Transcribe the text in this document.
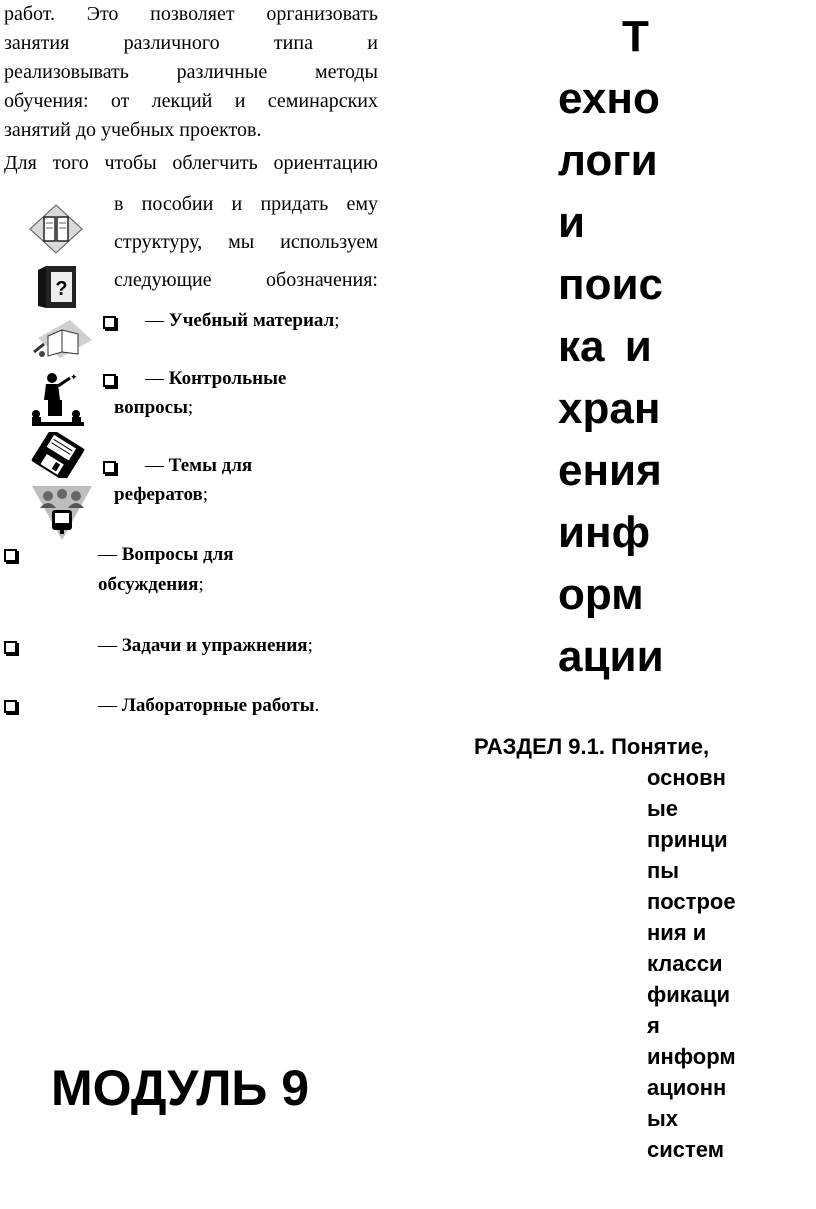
работ. Это позволяет организовать
занятия различного типа и
реализовывать различные методы
обучения: от лекций и семинарских
занятий до учебных проектов.
Для того чтобы облегчить ориентацию
в пособии и придать ему
структуру, мы используем
следующие обозначения:
?
✦
— Учебный материал;
— Контрольные
вопросы;
— Темы для
рефератов;
— Вопросы для
обсуждения;
— Задачи и упражнения;
— Лабораторные работы.
Т
ехно
логи
и
поис
ка и
хран
ения
инф
орм
ации
РАЗДЕЛ 9.1. Понятие,
основн
ые
принци
пы
построе
ния и
класси
фикаци
я
информ
ационн
ых
систем
МОДУЛЬ 9
